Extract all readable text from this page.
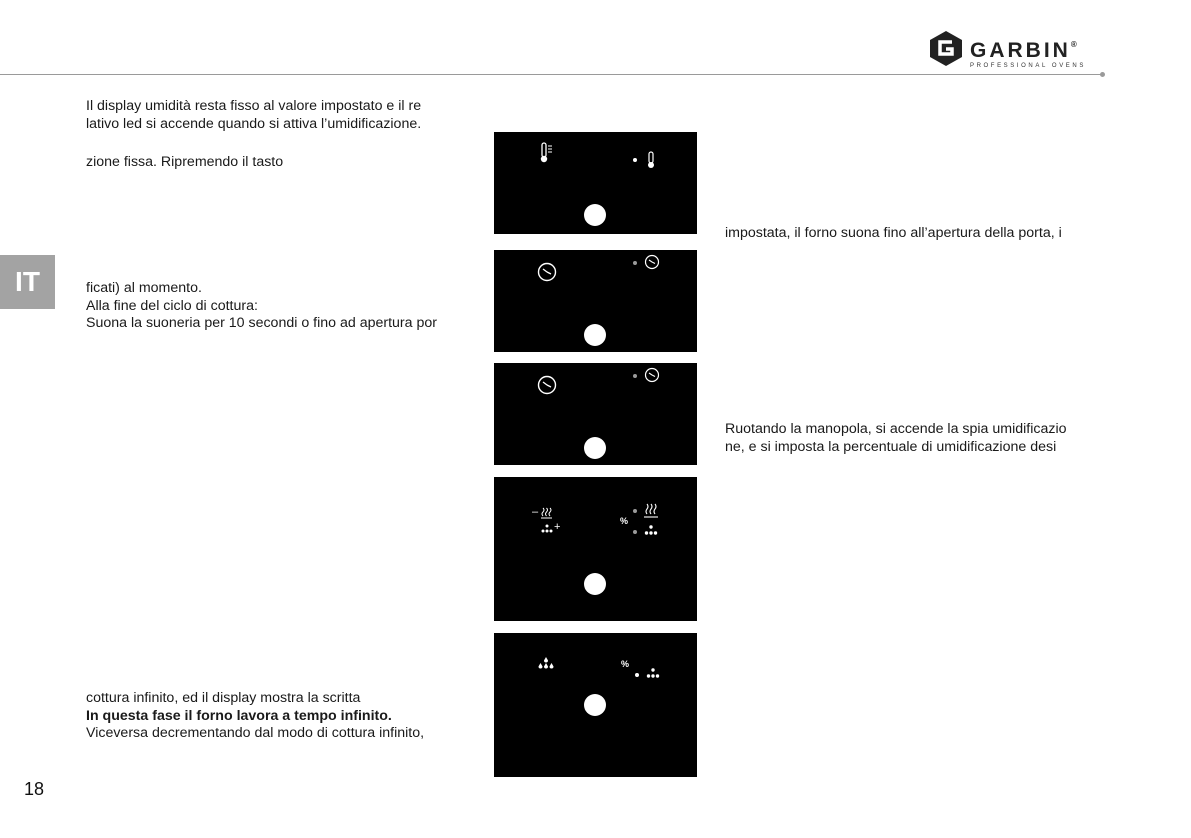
GARBIN®
PROFESSIONAL OVENS
IT
18
Il display umidità resta fisso al valore impostato e il re
lativo led si accende quando si attiva l’umidificazione.
zione fissa. Ripremendo il tasto
ficati) al momento.
Alla fine del ciclo di cottura:
Suona la suoneria per 10 secondi o fino ad apertura por
cottura infinito, ed il display mostra la scritta
In questa fase il forno lavora a tempo infinito.
Viceversa decrementando dal modo di cottura infinito,
impostata, il forno suona fino all’apertura della porta, i
Ruotando la manopola, si accende la spia umidificazio
ne, e si imposta la percentuale di umidificazione desi
–
+	%
%
